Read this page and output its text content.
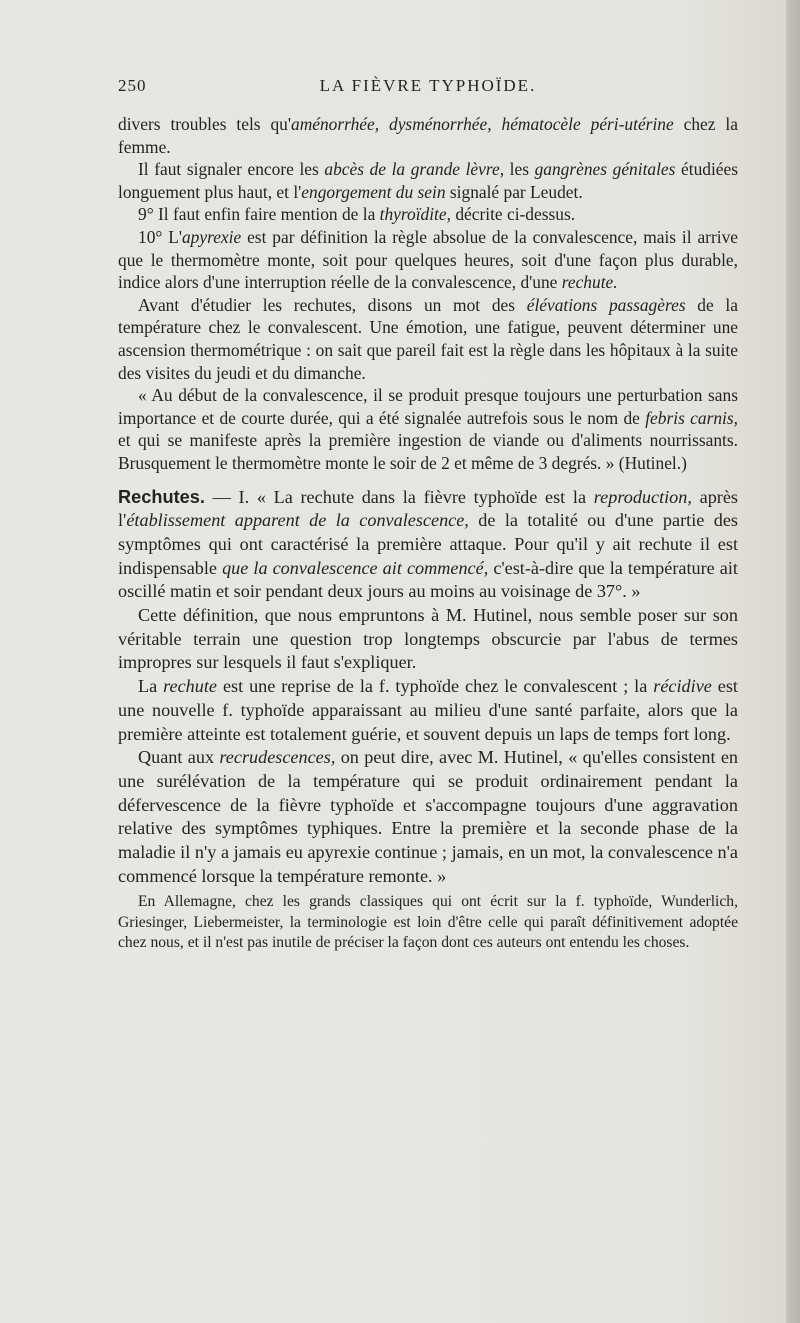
250	LA FIÈVRE TYPHOÏDE.

divers troubles tels qu'aménorrhée, dysménorrhée, hématocèle péri-utérine chez la femme.

Il faut signaler encore les abcès de la grande lèvre, les gangrènes génitales étudiées longuement plus haut, et l'engorgement du sein signalé par Leudet.

9° Il faut enfin faire mention de la thyroïdite, décrite ci-dessus.

10° L'apyrexie est par définition la règle absolue de la convalescence, mais il arrive que le thermomètre monte, soit pour quelques heures, soit d'une façon plus durable, indice alors d'une interruption réelle de la convalescence, d'une rechute.

Avant d'étudier les rechutes, disons un mot des élévations passagères de la température chez le convalescent. Une émotion, une fatigue, peuvent déterminer une ascension thermométrique : on sait que pareil fait est la règle dans les hôpitaux à la suite des visites du jeudi et du dimanche.

« Au début de la convalescence, il se produit presque toujours une perturbation sans importance et de courte durée, qui a été signalée autrefois sous le nom de febris carnis, et qui se manifeste après la première ingestion de viande ou d'aliments nourrissants. Brusquement le thermomètre monte le soir de 2 et même de 3 degrés. » (Hutinel.)

Rechutes. — I. « La rechute dans la fièvre typhoïde est la reproduction, après l'établissement apparent de la convalescence, de la totalité ou d'une partie des symptômes qui ont caractérisé la première attaque. Pour qu'il y ait rechute il est indispensable que la convalescence ait commencé, c'est-à-dire que la température ait oscillé matin et soir pendant deux jours au moins au voisinage de 37°. »

Cette définition, que nous empruntons à M. Hutinel, nous semble poser sur son véritable terrain une question trop longtemps obscurcie par l'abus de termes impropres sur lesquels il faut s'expliquer.

La rechute est une reprise de la f. typhoïde chez le convalescent ; la récidive est une nouvelle f. typhoïde apparaissant au milieu d'une santé parfaite, alors que la première atteinte est totalement guérie, et souvent depuis un laps de temps fort long.

Quant aux recrudescences, on peut dire, avec M. Hutinel, « qu'elles consistent en une surélévation de la température qui se produit ordinairement pendant la défervescence de la fièvre typhoïde et s'accompagne toujours d'une aggravation relative des symptômes typhiques. Entre la première et la seconde phase de la maladie il n'y a jamais eu apyrexie continue ; jamais, en un mot, la convalescence n'a commencé lorsque la température remonte. »

En Allemagne, chez les grands classiques qui ont écrit sur la f. typhoïde, Wunderlich, Griesinger, Liebermeister, la terminologie est loin d'être celle qui paraît définitivement adoptée chez nous, et il n'est pas inutile de préciser la façon dont ces auteurs ont entendu les choses.
